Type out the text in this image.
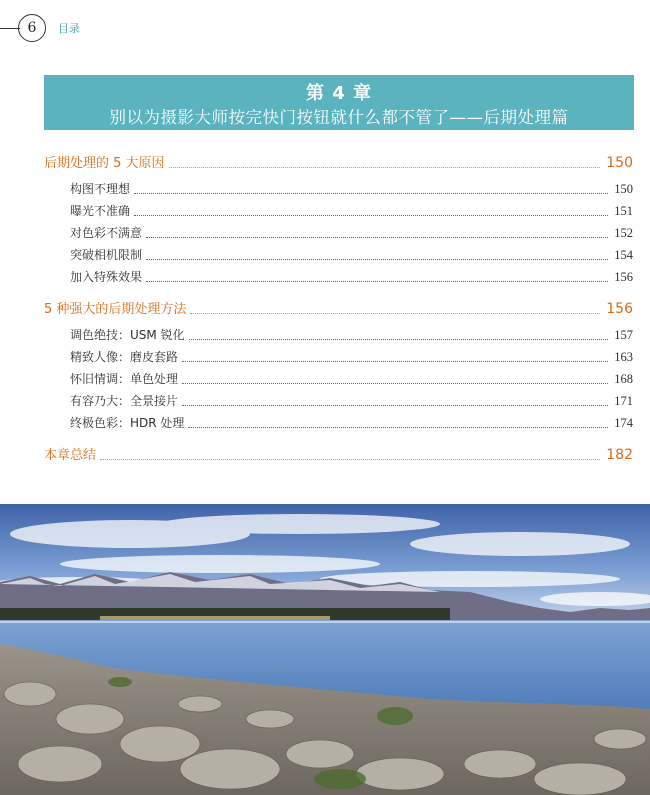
6	目录
第 4 章
别以为摄影大师按完快门按钮就什么都不管了——后期处理篇
后期处理的 5 大原因	150
构图不理想	150
曝光不准确	151
对色彩不满意	152
突破相机限制	154
加入特殊效果	156
5 种强大的后期处理方法	156
调色绝技：USM 锐化	157
精致人像：磨皮套路	163
怀旧情调：单色处理	168
有容乃大：全景接片	171
终极色彩：HDR 处理	174
本章总结	182
